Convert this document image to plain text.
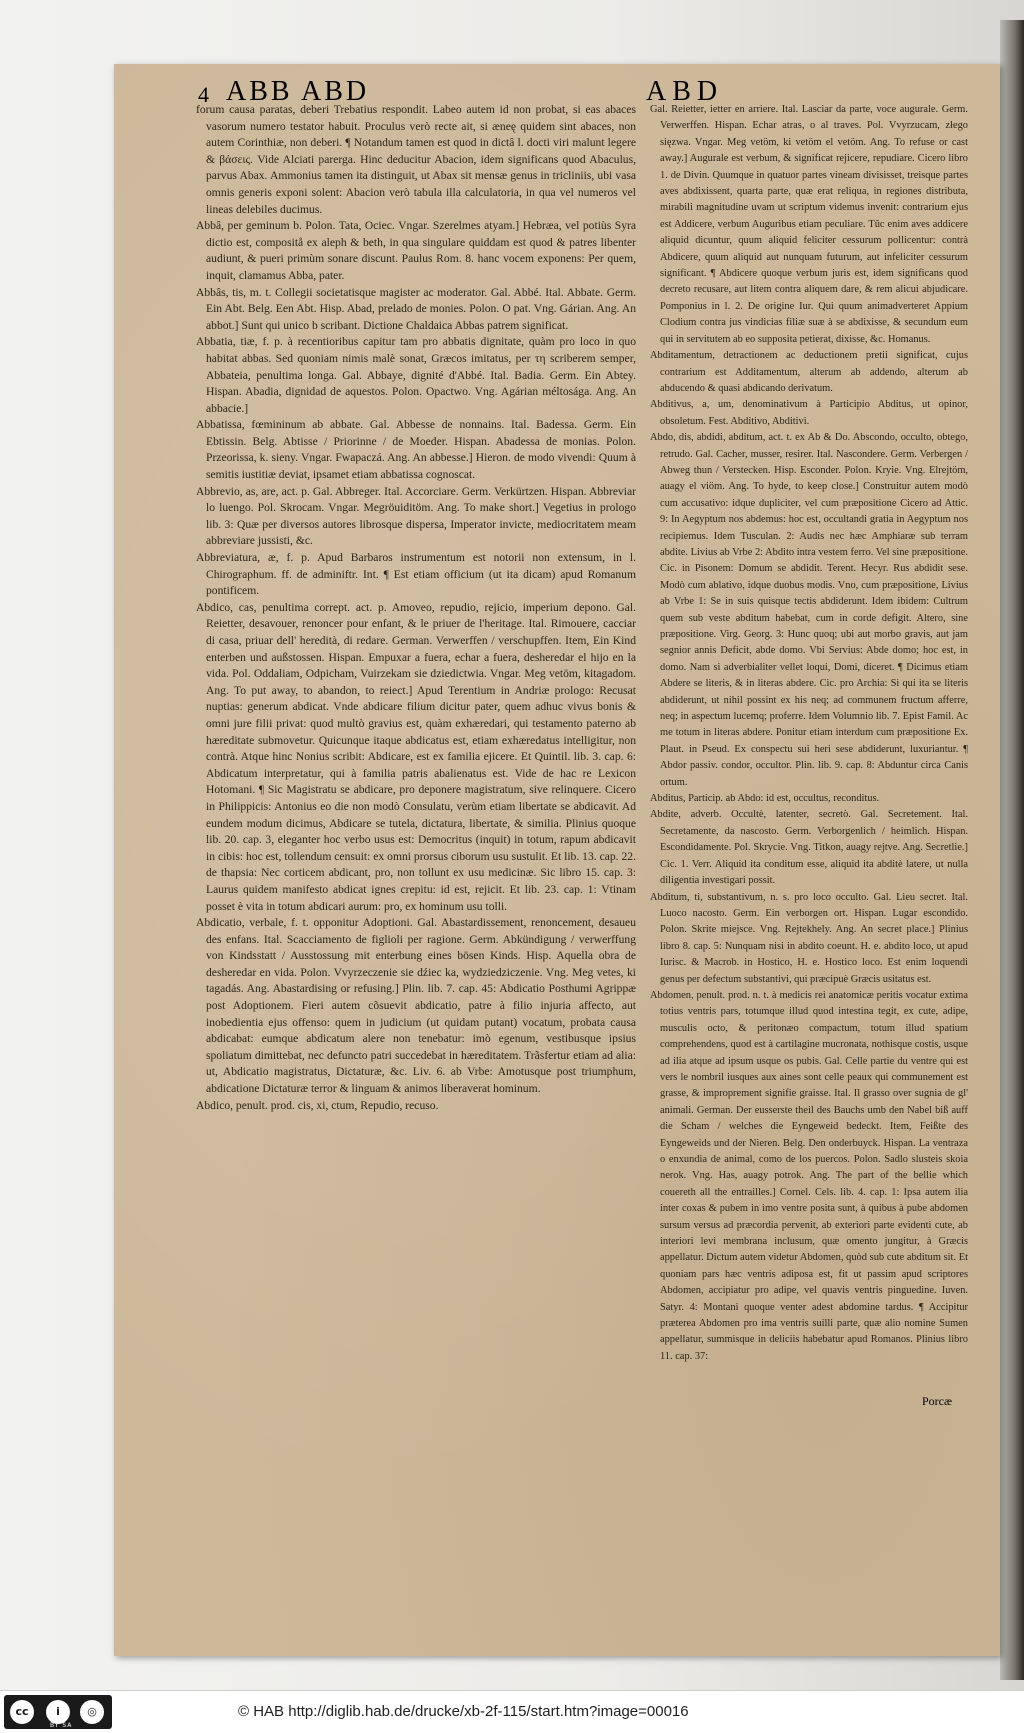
4 ABB ABD	ABD

forum causa paratas, deberi Trebatius respondit. Labeo autem id non probat, si eas abaces vasorum numero testator habuit. Proculus verò recte ait, si æneę quidem sint abaces, non autem Corinthiæ, non deberi. ¶ Notandum tamen est quod in dictâ l. docti viri malunt legere & βάσεις. Vide Alciati parerga. Hinc deducitur Abacion, idem significans quod Abaculus, parvus Abax. Ammonius tamen ita distinguit, ut Abax sit mensæ genus in tricliniis, ubi vasa omnis generis exponi solent: Abacion verò tabula illa calculatoria, in qua vel numeros vel lineas delebiles ducimus.

Abbâ, per geminum b. Polon. Tata, Ociec. Vngar. Szerelmes atyam.] Hebræa, vel potiùs Syra dictio est, compositå ex aleph & beth, in qua singulare quiddam est quod & patres libenter audiunt, & pueri primùm sonare discunt. Paulus Rom. 8. hanc vocem exponens: Per quem, inquit, clamamus Abba, pater.

Abbâs, tis, m. t. Collegii societatisque magister ac moderator. Gal. Abbé. Ital. Abbate. Germ. Ein Abt. Belg. Een Abt. Hisp. Abad, prelado de monies. Polon. O pat. Vng. Gárian. Ang. An abbot.] Sunt qui unico b scribant. Dictione Chaldaica Abbas patrem significat.

Abbatia, tiæ, f. p. à recentioribus capitur tam pro abbatis dignitate, quàm pro loco in quo habitat abbas. Sed quoniam nimis malè sonat, Græcos imitatus, per τη scriberem semper, Abbateia, penultima longa. Gal. Abbaye, dignité d'Abbé. Ital. Badia. Germ. Ein Abtey. Hispan. Abadia, dignidad de aquestos. Polon. Opactwo. Vng. Agárian méltosága. Ang. An abbacie.]

Abbatissa, fœmininum ab abbate. Gal. Abbesse de nonnains. Ital. Badessa. Germ. Ein Ebtissin. Belg. Abtisse / Priorinne / de Moeder. Hispan. Abadessa de monias. Polon. Przeorissa, k. sieny. Vngar. Fwapaczá. Ang. An abbesse.] Hieron. de modo vivendi: Quum à semitis iustitiæ deviat, ipsamet etiam abbatissa cognoscat.

Abbrevio, as, are, act. p. Gal. Abbreger. Ital. Accorciare. Germ. Verkürtzen. Hispan. Abbreviar lo luengo. Pol. Skrocam. Vngar. Megröuiditöm. Ang. To make short.] Vegetius in prologo lib. 3: Quæ per diversos autores librosque dispersa, Imperator invicte, mediocritatem meam abbreviare jussisti, &c.

Abbreviatura, æ, f. p. Apud Barbaros instrumentum est notorii non extensum, in l. Chirographum. ff. de adminiftr. Int. ¶ Est etiam officium (ut ita dicam) apud Romanum pontificem.

Abdico, cas, penultima corrept. act. p. Amoveo, repudio, rejicio, imperium depono. Gal. Reietter, desavouer, renoncer pour enfant, & le priuer de l'heritage. Ital. Rimouere, cacciar di casa, priuar dell' heredità, di redare. German. Verwerffen / verschupffen. Item, Ein Kind enterben und außstossen. Hispan. Empuxar a fuera, echar a fuera, desheredar el hijo en la vida. Pol. Oddaliam, Odpicham, Vuirzekam sie dziedictwia. Vngar. Meg vetöm, kitagadom. Ang. To put away, to abandon, to reiect.] Apud Terentium in Andriæ prologo: Recusat nuptias: generum abdicat. Vnde abdicare filium dicitur pater, quem adhuc vivus bonis & omni jure filii privat: quod multò gravius est, quàm exhæredari, qui testamento paterno ab hæreditate submovetur. Quicunque itaque abdicatus est, etiam exhæredatus intelligitur, non contrà. Atque hinc Nonius scribit: Abdicare, est ex familia ejicere. Et Quintil. lib. 3. cap. 6: Abdicatum interpretatur, qui à familia patris abalienatus est. Vide de hac re Lexicon Hotomani. ¶ Sic Magistratu se abdicare, pro deponere magistratum, sive relinquere. Cicero in Philippicis: Antonius eo die non modò Consulatu, verùm etiam libertate se abdicavit. Ad eundem modum dicimus, Abdicare se tutela, dictatura, libertate, & similia. Plinius quoque lib. 20. cap. 3, eleganter hoc verbo usus est: Democritus (inquit) in totum, rapum abdicavit in cibis: hoc est, tollendum censuit: ex omni prorsus ciborum usu sustulit. Et lib. 13. cap. 22. de thapsia: Nec corticem abdicant, pro, non tollunt ex usu medicinæ. Sic libro 15. cap. 3: Laurus quidem manifesto abdicat ignes crepitu: id est, rejicit. Et lib. 23. cap. 1: Vtinam posset è vita in totum abdicari aurum: pro, ex hominum usu tolli.

Abdicatio, verbale, f. t. opponitur Adoptioni. Gal. Abastardissement, renoncement, desaueu des enfans. Ital. Scacciamento de figlioli per ragione. Germ. Abkündigung / verwerffung von Kindsstatt / Ausstossung mit enterbung eines bösen Kinds. Hisp. Aquella obra de desheredar en vida. Polon. Vvyrzeczenie sie dźiec ka, wydziedziczenie. Vng. Meg vetes, ki tagadás. Ang. Abastardising or refusing.] Plin. lib. 7. cap. 45: Abdicatio Posthumi Agrippæ post Adoptionem. Fieri autem cõsuevit abdicatio, patre à filio injuria affecto, aut inobedientia ejus offenso: quem in judicium (ut quidam putant) vocatum, probata causa abdicabat: eumque abdicatum alere non tenebatur: imò egenum, vestibusque ipsius spoliatum dimittebat, nec defuncto patri succedebat in hæreditatem. Trãsfertur etiam ad alia: ut, Abdicatio magistratus, Dictaturæ, &c. Liv. 6. ab Vrbe: Amotusque post triumphum, abdicatione Dictaturæ terror & linguam & animos liberaverat hominum.

Abdico, penult. prod. cis, xi, ctum, Repudio, recuso.

Gal. Reietter, ietter en arriere. Ital. Lasciar da parte, voce augurale. Germ. Verwerffen. Hispan. Echar atras, o al traves. Pol. Vvyrzucam, złego sięzwa. Vngar. Meg vetöm, ki vetöm el vetöm. Ang. To refuse or cast away.] Augurale est verbum, & significat rejicere, repudiare. Cicero libro 1. de Divin. Quumque in quatuor partes vineam divisisset, treisque partes aves abdixissent, quarta parte, quæ erat reliqua, in regiones distributa, mirabili magnitudine uvam ut scriptum videmus invenit: contrarium ejus est Addicere, verbum Auguribus etiam peculiare. Tũc enim aves addicere aliquid dicuntur, quum aliquid feliciter cessurum pollicentur: contrà Abdicere, quum aliquid aut nunquam futurum, aut infeliciter cessurum significant. ¶ Abdicere quoque verbum juris est, idem significans quod decreto recusare, aut litem contra aliquem dare, & rem alicui abjudicare. Pomponius in l. 2. De origine Iur. Qui quum animadverteret Appium Clodium contra jus vindicias filiæ suæ à se abdixisse, & secundum eum qui in servitutem ab eo supposita petierat, dixisse, &c. Homanus.

Abditamentum, detractionem ac deductionem pretii significat, cujus contrarium est Additamentum, alterum ab addendo, alterum ab abducendo & quasi abdicando derivatum.

Abditivus, a, um, denominativum à Participio Abditus, ut opinor, obsoletum. Fest. Abditivo, Abditivi.

Abdo, dis, abdidi, abditum, act. t. ex Ab & Do. Abscondo, occulto, obtego, retrudo. Gal. Cacher, musser, resirer. Ital. Nascondere. Germ. Verbergen / Abweg thun / Verstecken. Hisp. Esconder. Polon. Kryie. Vng. Elrejtöm, auagy el viöm. Ang. To hyde, to keep close.] Construitur autem modò cum accusativo: idque dupliciter, vel cum præpositione Cicero ad Attic. 9: In Aegyptum nos abdemus: hoc est, occultandi gratia in Aegyptum nos recipiemus. Idem Tusculan. 2: Audis nec hæc Amphiaræ sub terram abdite. Livius ab Vrbe 2: Abdito intra vestem ferro. Vel sine præpositione. Cic. in Pisonem: Domum se abdidit. Terent. Hecyr. Rus abdidit sese. Modò cum ablativo, idque duobus modis. Vno, cum præpositione, Livius ab Vrbe 1: Se in suis quisque tectis abdiderunt. Idem ibidem: Cultrum quem sub veste abditum habebat, cum in corde defigit. Altero, sine præpositione. Virg. Georg. 3: Hunc quoq; ubi aut morbo gravis, aut jam segnior annis Deficit, abde domo. Vbi Servius: Abde domo; hoc est, in domo. Nam si adverbialiter vellet loqui, Domi, diceret. ¶ Dicimus etiam Abdere se literis, & in literas abdere. Cic. pro Archia: Si qui ita se literis abdiderunt, ut nihil possint ex his neq; ad communem fructum afferre, neq; in aspectum lucemq; proferre. Idem Volumnio lib. 7. Epist Famil. Ac me totum in literas abdere. Ponitur etiam interdum cum præpositione Ex. Plaut. in Pseud. Ex conspectu sui heri sese abdiderunt, luxuriantur. ¶ Abdor passiv. condor, occultor. Plin. lib. 9. cap. 8: Abduntur circa Canis ortum.

Abditus, Particip. ab Abdo: id est, occultus, reconditus.

Abdite, adverb. Occultè, latenter, secretò. Gal. Secretement. Ital. Secretamente, da nascosto. Germ. Verborgenlich / heimlich. Hispan. Escondidamente. Pol. Skrycie. Vng. Titkon, auagy rejtve. Ang. Secretlie.] Cic. 1. Verr. Aliquid ita conditum esse, aliquid ita abditè latere, ut nulla diligentia investigari possit.

Abditum, ti, substantivum, n. s. pro loco occulto. Gal. Lieu secret. Ital. Luoco nacosto. Germ. Ein verborgen ort. Hispan. Lugar escondido. Polon. Skrite miejsce. Vng. Rejtekhely. Ang. An secret place.] Plinius libro 8. cap. 5: Nunquam nisi in abdito coeunt. H. e. abdito loco, ut apud Iurisc. & Macrob. in Hostico, H. e. Hostico loco. Est enim loquendi genus per defectum substantivi, qui præcipuè Græcis usitatus est.

Abdomen, penult. prod. n. t. à medicis rei anatomicæ peritis vocatur extima totius ventris pars, totumque illud quod intestina tegit, ex cute, adipe, musculis octo, & peritonæo compactum, totum illud spatium comprehendens, quod est à cartilagine mucronata, nothisque costis, usque ad ilia atque ad ipsum usque os pubis. Gal. Celle partie du ventre qui est vers le nombril iusques aux aines sont celle peaux qui communement est grasse, & improprement signifie graisse. Ital. Il grasso over sugnia de gl' animali. German. Der eusserste theil des Bauchs umb den Nabel biß auff die Scham / welches die Eyngeweid bedeckt. Item, Feißte des Eyngeweids und der Nieren. Belg. Den onderbuyck. Hispan. La ventraza o enxundia de animal, como de los puercos. Polon. Sadlo slusteis skoia nerok. Vng. Has, auagy potrok. Ang. The part of the bellie which couereth all the entrailles.] Cornel. Cels. lib. 4. cap. 1: Ipsa autem ilia inter coxas & pubem in imo ventre posita sunt, à quibus à pube abdomen sursum versus ad præcordia pervenit, ab exteriori parte evidenti cute, ab interiori levi membrana inclusum, quæ omento jungitur, à Græcis appellatur. Dictum autem videtur Abdomen, quòd sub cute abditum sit. Et quoniam pars hæc ventris adiposa est, fit ut passim apud scriptores Abdomen, accipiatur pro adipe, vel quavis ventris pinguedine. Iuven. Satyr. 4: Montani quoque venter adest abdomine tardus. ¶ Accipitur præterea Abdomen pro ima ventris suilli parte, quæ alio nomine Sumen appellatur, summisque in deliciis habebatur apud Romanos. Plinius libro 11. cap. 37:

Porcæ
cc	i	◎
BY SA
© HAB http://diglib.hab.de/drucke/xb-2f-115/start.htm?image=00016
